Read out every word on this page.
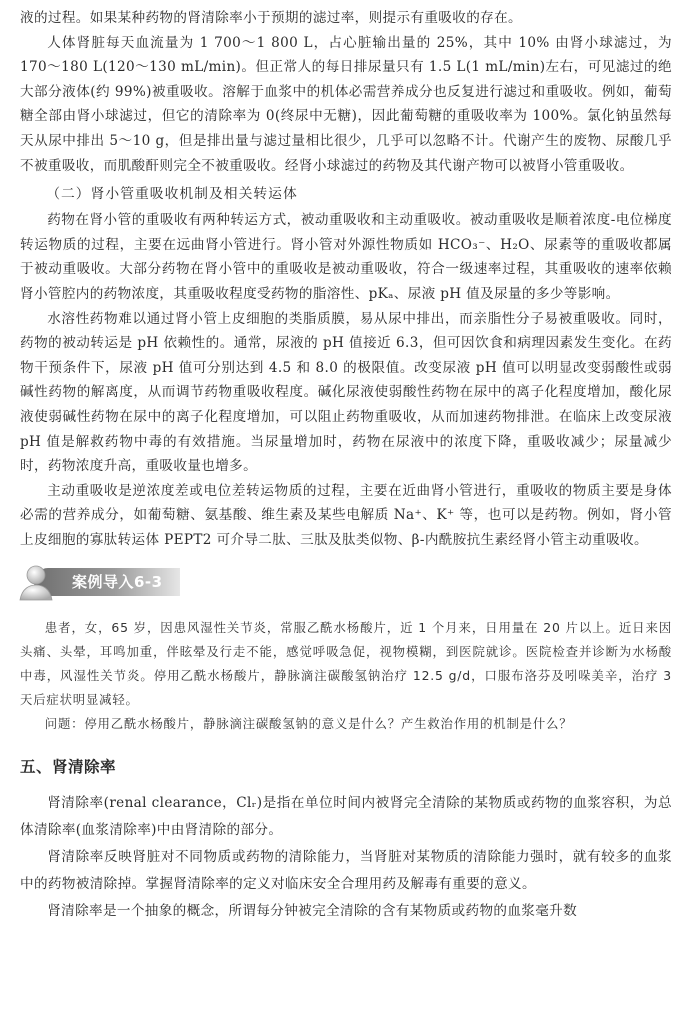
液的过程。如果某种药物的肾清除率小于预期的滤过率，则提示有重吸收的存在。

人体肾脏每天血流量为 1 700～1 800 L，占心脏输出量的 25%，其中 10% 由肾小球滤过，为 170～180 L(120～130 mL/min)。但正常人的每日排尿量只有 1.5 L(1 mL/min)左右，可见滤过的绝大部分液体(约 99%)被重吸收。溶解于血浆中的机体必需营养成分也反复进行滤过和重吸收。例如，葡萄糖全部由肾小球滤过，但它的清除率为 0(终尿中无糖)，因此葡萄糖的重吸收率为 100%。氯化钠虽然每天从尿中排出 5～10 g，但是排出量与滤过量相比很少，几乎可以忽略不计。代谢产生的废物、尿酸几乎不被重吸收，而肌酸酐则完全不被重吸收。经肾小球滤过的药物及其代谢产物可以被肾小管重吸收。

（二）肾小管重吸收机制及相关转运体

药物在肾小管的重吸收有两种转运方式，被动重吸收和主动重吸收。被动重吸收是顺着浓度-电位梯度转运物质的过程，主要在远曲肾小管进行。肾小管对外源性物质如 HCO₃⁻、H₂O、尿素等的重吸收都属于被动重吸收。大部分药物在肾小管中的重吸收是被动重吸收，符合一级速率过程，其重吸收的速率依赖肾小管腔内的药物浓度，其重吸收程度受药物的脂溶性、pKₐ、尿液 pH 值及尿量的多少等影响。

水溶性药物难以通过肾小管上皮细胞的类脂质膜，易从尿中排出，而亲脂性分子易被重吸收。同时，药物的被动转运是 pH 依赖性的。通常，尿液的 pH 值接近 6.3，但可因饮食和病理因素发生变化。在药物干预条件下，尿液 pH 值可分别达到 4.5 和 8.0 的极限值。改变尿液 pH 值可以明显改变弱酸性或弱碱性药物的解离度，从而调节药物重吸收程度。碱化尿液使弱酸性药物在尿中的离子化程度增加，酸化尿液使弱碱性药物在尿中的离子化程度增加，可以阻止药物重吸收，从而加速药物排泄。在临床上改变尿液 pH 值是解救药物中毒的有效措施。当尿量增加时，药物在尿液中的浓度下降，重吸收减少；尿量减少时，药物浓度升高，重吸收量也增多。

主动重吸收是逆浓度差或电位差转运物质的过程，主要在近曲肾小管进行，重吸收的物质主要是身体必需的营养成分，如葡萄糖、氨基酸、维生素及某些电解质 Na⁺、K⁺ 等，也可以是药物。例如，肾小管上皮细胞的寡肽转运体 PEPT2 可介导二肽、三肽及肽类似物、β-内酰胺抗生素经肾小管主动重吸收。

案例导入6-3

患者，女，65 岁，因患风湿性关节炎，常服乙酰水杨酸片，近 1 个月来，日用量在 20 片以上。近日来因头痛、头晕，耳鸣加重，伴眩晕及行走不能，感觉呼吸急促，视物模糊，到医院就诊。医院检查并诊断为水杨酸中毒，风湿性关节炎。停用乙酰水杨酸片，静脉滴注碳酸氢钠治疗 12.5 g/d，口服布洛芬及吲哚美辛，治疗 3 天后症状明显减轻。

问题：停用乙酰水杨酸片，静脉滴注碳酸氢钠的意义是什么？产生救治作用的机制是什么？

五、肾清除率

肾清除率(renal clearance，Clᵣ)是指在单位时间内被肾完全清除的某物质或药物的血浆容积，为总体清除率(血浆清除率)中由肾清除的部分。

肾清除率反映肾脏对不同物质或药物的清除能力，当肾脏对某物质的清除能力强时，就有较多的血浆中的药物被清除掉。掌握肾清除率的定义对临床安全合理用药及解毒有重要的意义。

肾清除率是一个抽象的概念，所谓每分钟被完全清除的含有某物质或药物的血浆毫升数
